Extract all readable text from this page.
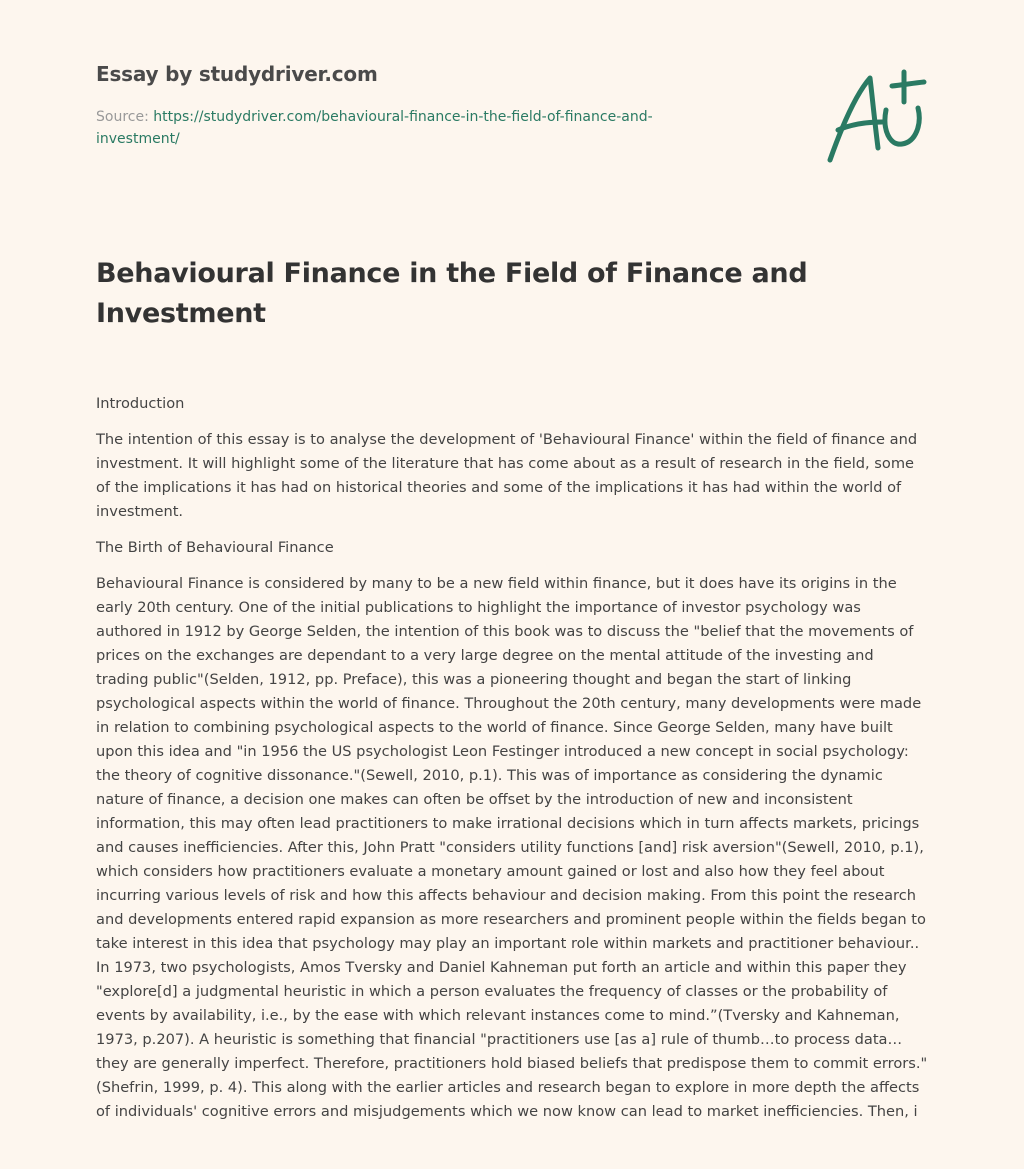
Essay by studydriver.com
Source: https://studydriver.com/behavioural-finance-in-the-field-of-finance-and-investment/
Behavioural Finance in the Field of Finance and Investment
Introduction

The intention of this essay is to analyse the development of 'Behavioural Finance' within the field of finance and investment. It will highlight some of the literature that has come about as a result of research in the field, some of the implications it has had on historical theories and some of the implications it has had within the world of investment.

The Birth of Behavioural Finance

Behavioural Finance is considered by many to be a new field within finance, but it does have its origins in the early 20th century. One of the initial publications to highlight the importance of investor psychology was authored in 1912 by George Selden, the intention of this book was to discuss the "belief that the movements of prices on the exchanges are dependant to a very large degree on the mental attitude of the investing and trading public"(Selden, 1912, pp. Preface), this was a pioneering thought and began the start of linking psychological aspects within the world of finance. Throughout the 20th century, many developments were made in relation to combining psychological aspects to the world of finance. Since George Selden, many have built upon this idea and "in 1956 the US psychologist Leon Festinger introduced a new concept in social psychology: the theory of cognitive dissonance."(Sewell, 2010, p.1). This was of importance as considering the dynamic nature of finance, a decision one makes can often be offset by the introduction of new and inconsistent information, this may often lead practitioners to make irrational decisions which in turn affects markets, pricings and causes inefficiencies. After this, John Pratt "considers utility functions [and] risk aversion"(Sewell, 2010, p.1), which considers how practitioners evaluate a monetary amount gained or lost and also how they feel about incurring various levels of risk and how this affects behaviour and decision making. From this point the research and developments entered rapid expansion as more researchers and prominent people within the fields began to take interest in this idea that psychology may play an important role within markets and practitioner behaviour.. In 1973, two psychologists, Amos Tversky and Daniel Kahneman put forth an article and within this paper they "explore[d] a judgmental heuristic in which a person evaluates the frequency of classes or the probability of events by availability, i.e., by the ease with which relevant instances come to mind.”(Tversky and Kahneman, 1973, p.207). A heuristic is something that financial "practitioners use [as a] rule of thumb…to process data… they are generally imperfect. Therefore, practitioners hold biased beliefs that predispose them to commit errors."(Shefrin, 1999, p. 4). This along with the earlier articles and research began to explore in more depth the affects of individuals' cognitive errors and misjudgements which we now know can lead to market inefficiencies. Then, i
